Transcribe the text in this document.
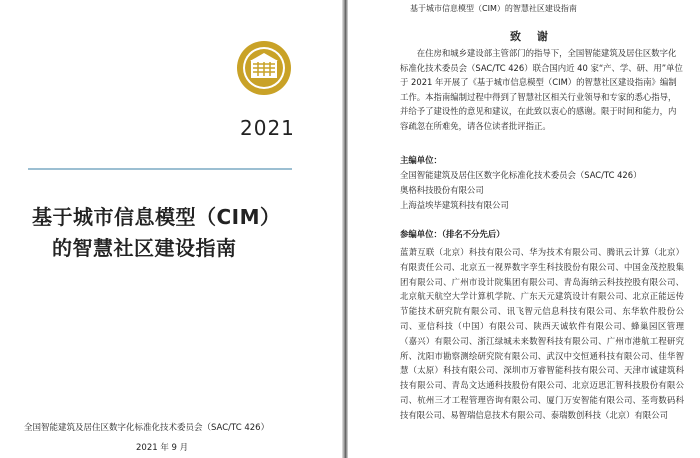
2021
基于城市信息模型（CIM）
的智慧社区建设指南
全国智能建筑及居住区数字化标准化技术委员会（SAC/TC 426）
2021 年 9 月
基于城市信息模型（CIM）的智慧社区建设指南
致 谢

在住房和城乡建设部主管部门的指导下，全国智能建筑及居住区数字化标准化技术委员会（SAC/TC 426）联合国内近 40 家“产、学、研、用”单位于 2021 年开展了《基于城市信息模型（CIM）的智慧社区建设指南》编制工作。本指南编制过程中得到了智慧社区相关行业领导和专家的悉心指导，并给予了建设性的意见和建议，在此致以衷心的感谢。限于时间和能力，内容疏忽在所难免，请各位读者批评指正。

主编单位：
全国智能建筑及居住区数字化标准化技术委员会（SAC/TC 426）
奥格科技股份有限公司
上海益埃毕建筑科技有限公司
参编单位：（排名不分先后）

蓝萧互联（北京）科技有限公司、华为技术有限公司、腾讯云计算（北京）有限责任公司、北京五一视界数字孪生科技股份有限公司、中国金茂控股集团有限公司、广州市设计院集团有限公司、青岛海纳云科技控股有限公司、北京航天航空大学计算机学院、广东天元建筑设计有限公司、北京正能远传节能技术研究院有限公司、讯飞智元信息科技有限公司、东华软件股份公司、亚信科技（中国）有限公司、陕西天诚软件有限公司、蜂巢园区管理（嘉兴）有限公司、浙江绿城未来数智科技有限公司、广州市港航工程研究所、沈阳市勘察测绘研究院有限公司、武汉中交恒通科技有限公司、佳华智慧（太原）科技有限公司、深圳市万睿智能科技有限公司、天津市诚建筑科技有限公司、青岛文达通科技股份有限公司、北京迈思汇智科技股份有限公司、杭州三才工程管理咨询有限公司、厦门万安智能有限公司、荃弯数码科技有限公司、易智瑞信息技术有限公司、泰瑞数创科技（北京）有限公司
